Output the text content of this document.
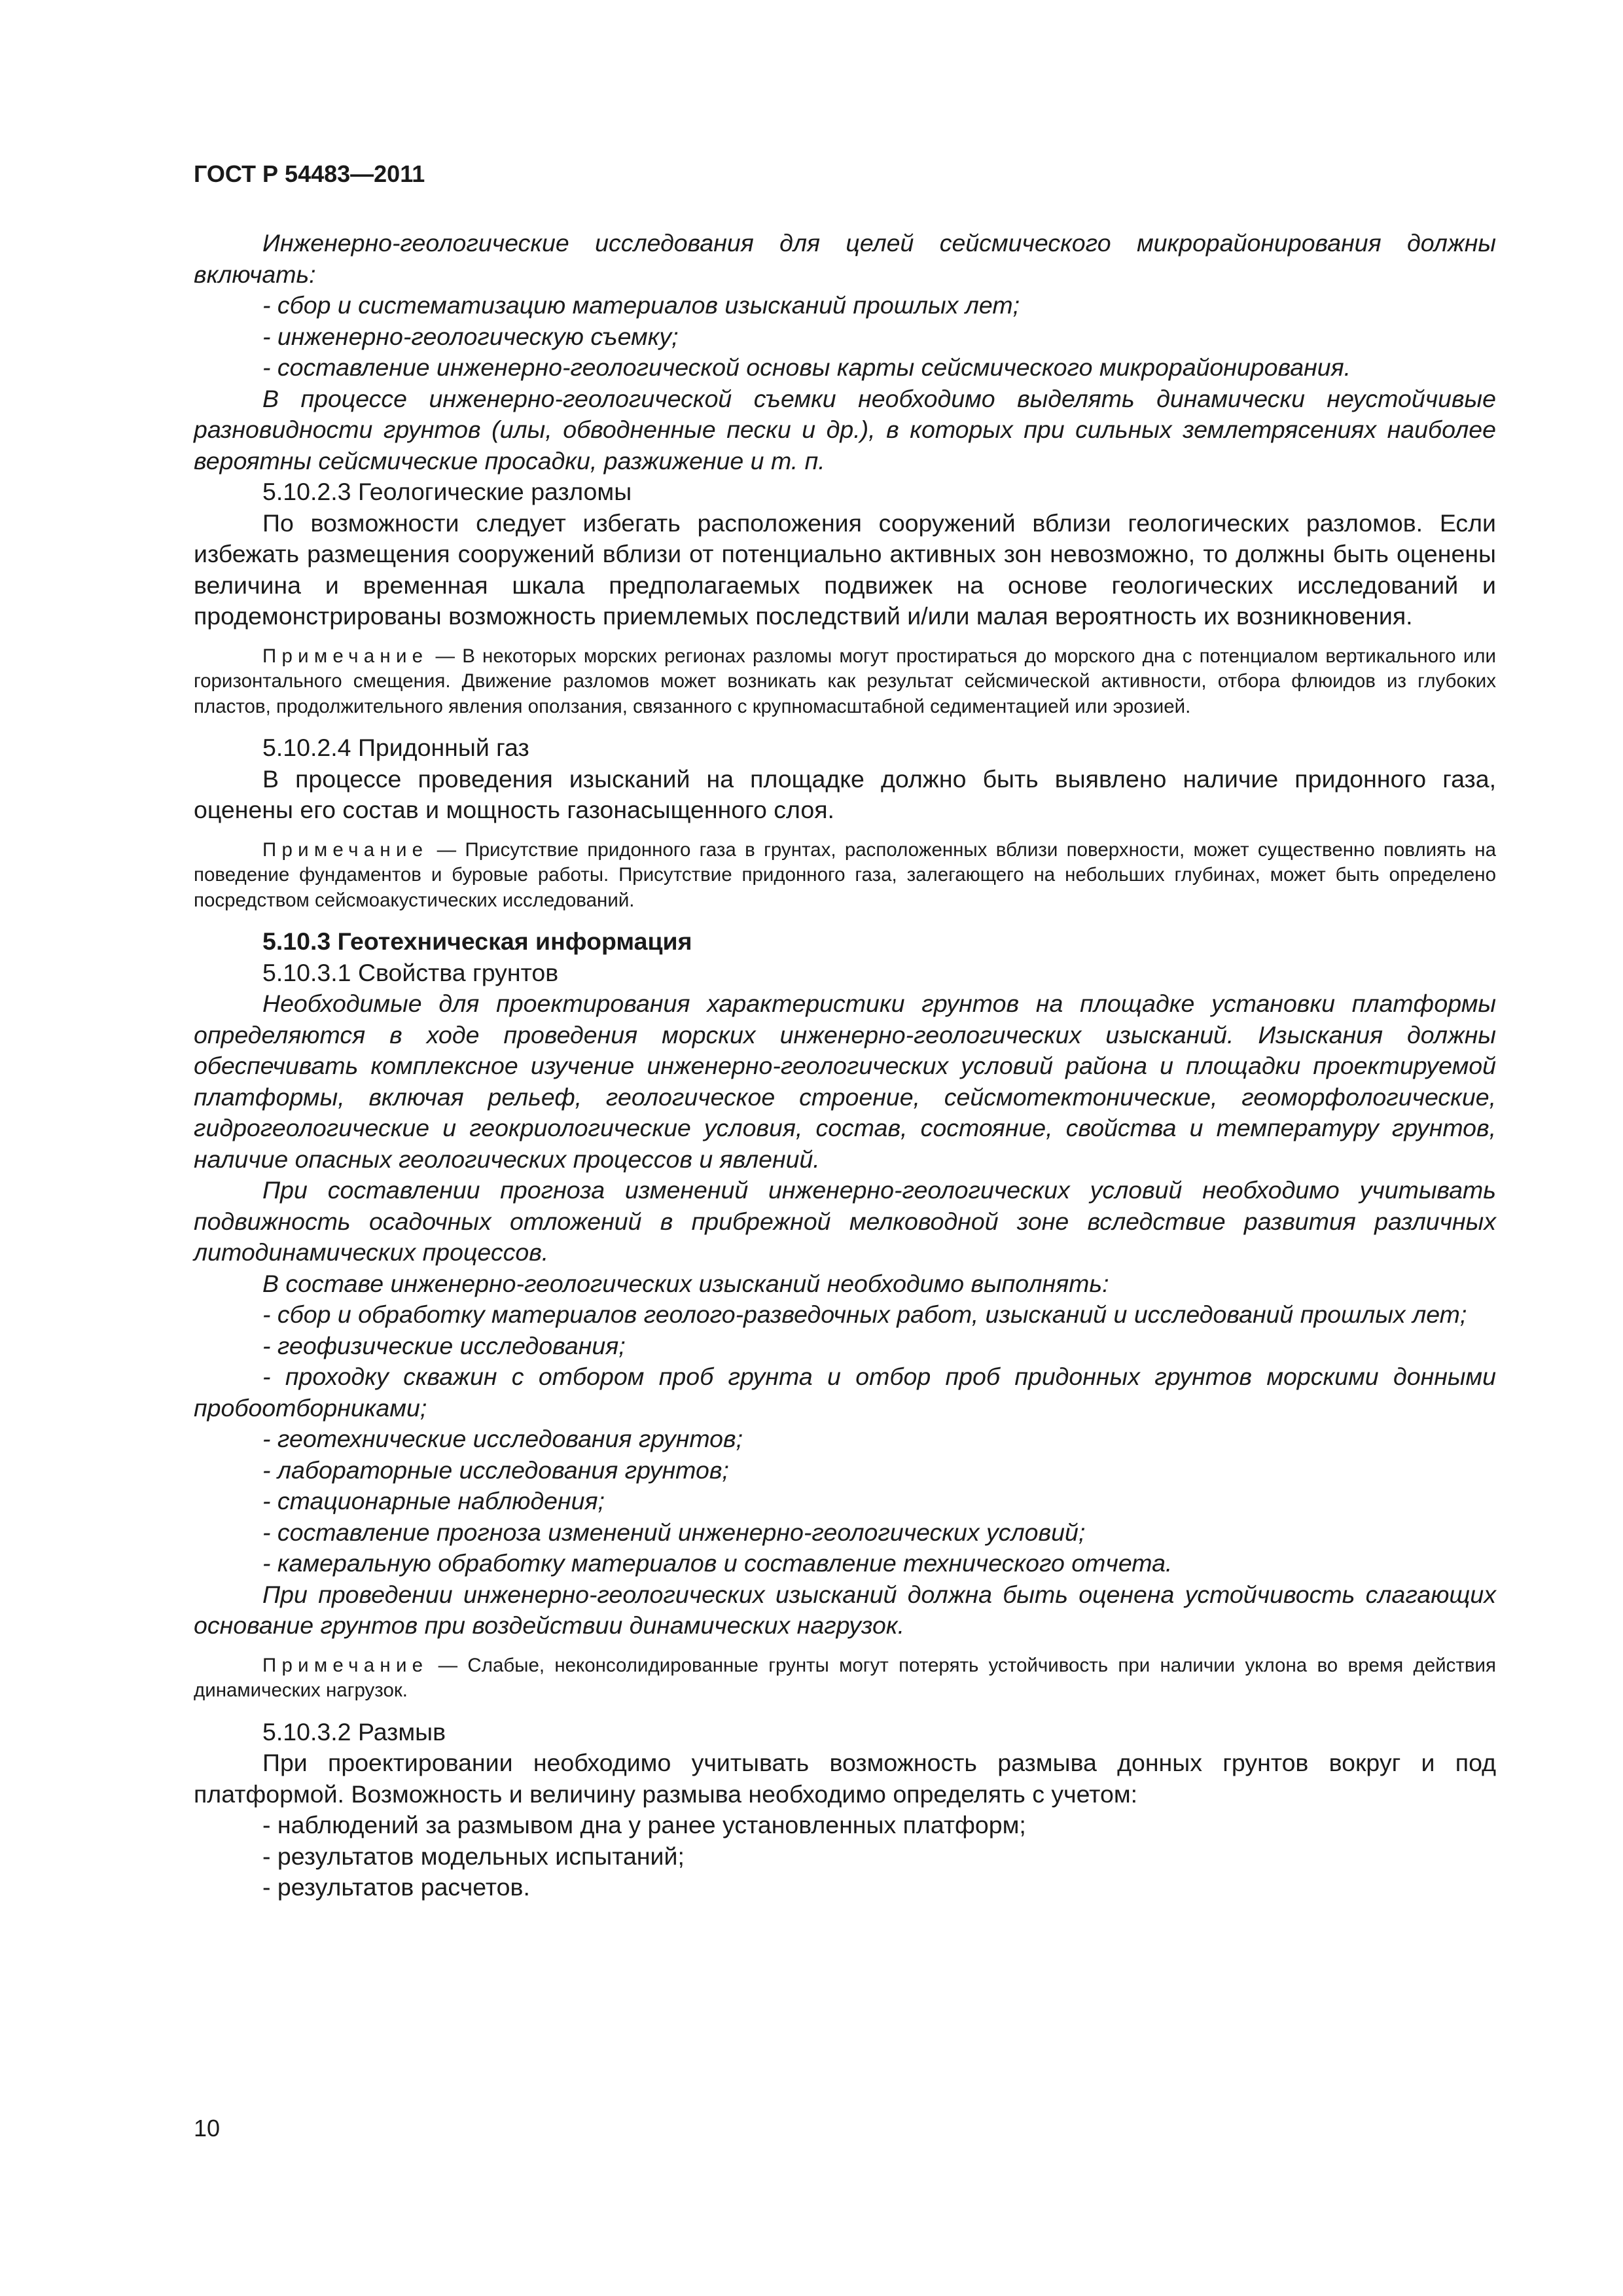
ГОСТ Р 54483—2011

Инженерно-геологические исследования для целей сейсмического микрорайонирования должны включать:

- сбор и систематизацию материалов изысканий прошлых лет;

- инженерно-геологическую съемку;

- составление инженерно-геологической основы карты сейсмического микрорайонирования.

В процессе инженерно-геологической съемки необходимо выделять динамически неустойчивые разновидности грунтов (илы, обводненные пески и др.), в которых при сильных землетрясениях наиболее вероятны сейсмические просадки, разжижение и т. п.

5.10.2.3 Геологические разломы

По возможности следует избегать расположения сооружений вблизи геологических разломов. Если избежать размещения сооружений вблизи от потенциально активных зон невозможно, то должны быть оценены величина и временная шкала предполагаемых подвижек на основе геологических исследований и продемонстрированы возможность приемлемых последствий и/или малая вероятность их возникновения.

Примечание — В некоторых морских регионах разломы могут простираться до морского дна с потенциалом вертикального или горизонтального смещения. Движение разломов может возникать как результат сейсмической активности, отбора флюидов из глубоких пластов, продолжительного явления оползания, связанного с крупномасштабной седиментацией или эрозией.

5.10.2.4 Придонный газ

В процессе проведения изысканий на площадке должно быть выявлено наличие придонного газа, оценены его состав и мощность газонасыщенного слоя.

Примечание — Присутствие придонного газа в грунтах, расположенных вблизи поверхности, может существенно повлиять на поведение фундаментов и буровые работы. Присутствие придонного газа, залегающего на небольших глубинах, может быть определено посредством сейсмоакустических исследований.

5.10.3 Геотехническая информация

5.10.3.1 Свойства грунтов

Необходимые для проектирования характеристики грунтов на площадке установки платформы определяются в ходе проведения морских инженерно-геологических изысканий. Изыскания должны обеспечивать комплексное изучение инженерно-геологических условий района и площадки проектируемой платформы, включая рельеф, геологическое строение, сейсмотектонические, геоморфологические, гидрогеологические и геокриологические условия, состав, состояние, свойства и температуру грунтов, наличие опасных геологических процессов и явлений.

При составлении прогноза изменений инженерно-геологических условий необходимо учитывать подвижность осадочных отложений в прибрежной мелководной зоне вследствие развития различных литодинамических процессов.

В составе инженерно-геологических изысканий необходимо выполнять:

- сбор и обработку материалов геолого-разведочных работ, изысканий и исследований прошлых лет;

- геофизические исследования;

- проходку скважин с отбором проб грунта и отбор проб придонных грунтов морскими донными пробоотборниками;

- геотехнические исследования грунтов;

- лабораторные исследования грунтов;

- стационарные наблюдения;

- составление прогноза изменений инженерно-геологических условий;

- камеральную обработку материалов и составление технического отчета.

При проведении инженерно-геологических изысканий должна быть оценена устойчивость слагающих основание грунтов при воздействии динамических нагрузок.

Примечание — Слабые, неконсолидированные грунты могут потерять устойчивость при наличии уклона во время действия динамических нагрузок.

5.10.3.2 Размыв

При проектировании необходимо учитывать возможность размыва донных грунтов вокруг и под платформой. Возможность и величину размыва необходимо определять с учетом:

- наблюдений за размывом дна у ранее установленных платформ;

- результатов модельных испытаний;

- результатов расчетов.

10
